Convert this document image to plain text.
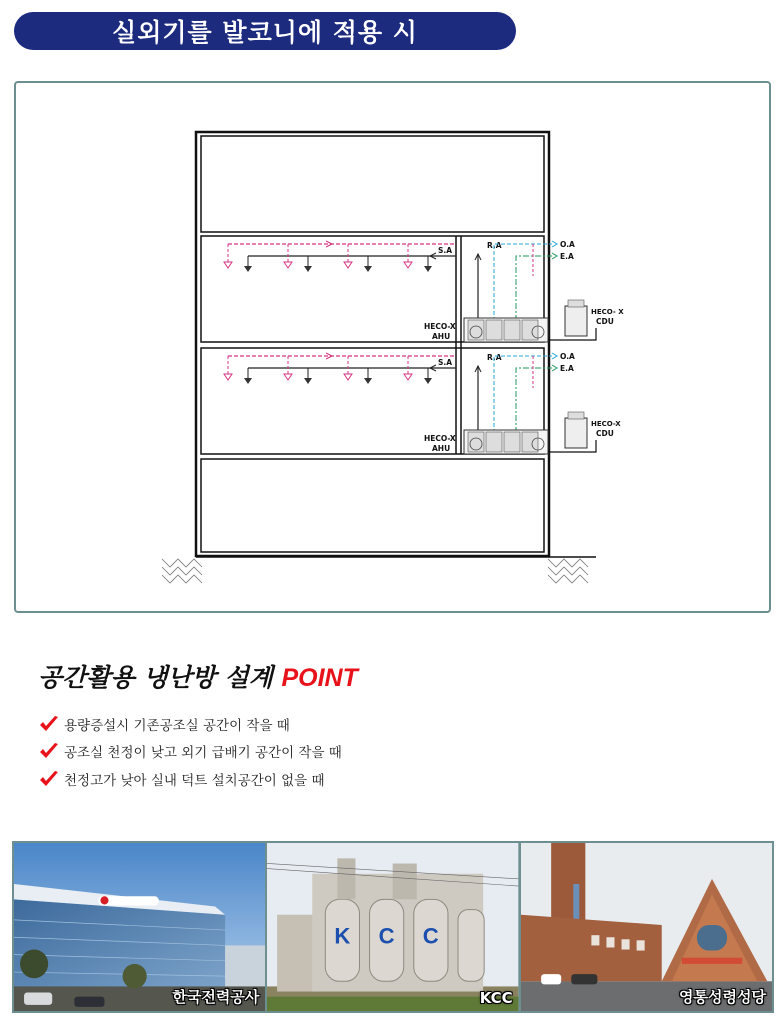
실외기를 발코니에 적용 시
S.A
R.A	O.A
E.A
HECO-X
AHU
HECO- X
CDU
S.A
R.A	O.A
E.A
HECO-X
AHU
HECO-X
CDU
공간활용 냉난방 설계 POINT
용량증설시 기존공조실 공간이 작을 때
공조실 천정이 낮고 외기 급배기 공간이 작을 때
천정고가 낮아 실내 덕트 설치공간이 없을 때
한국전력공사
K C C
KCC	영통성령성당
